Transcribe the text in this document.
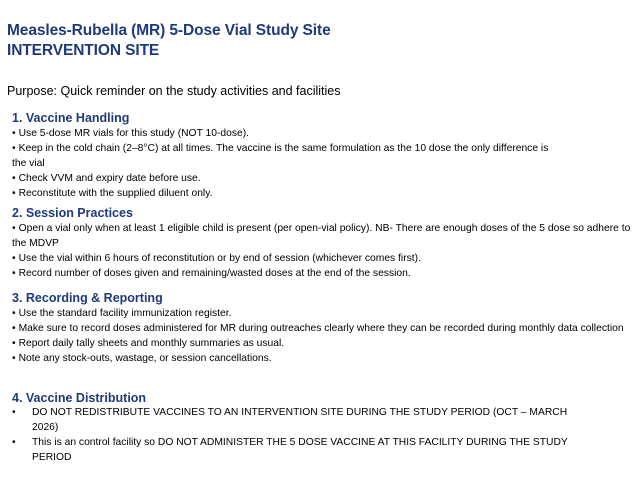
Measles-Rubella (MR) 5-Dose Vial Study Site
INTERVENTION SITE
Purpose: Quick reminder on the study activities and facilities
1. Vaccine Handling
• Use 5-dose MR vials for this study (NOT 10-dose).
• Keep in the cold chain (2–8°C) at all times. The vaccine is the same formulation as the 10 dose the only difference is the vial
• Check VVM and expiry date before use.
• Reconstitute with the supplied diluent only.
2. Session Practices
• Open a vial only when at least 1 eligible child is present (per open-vial policy). NB- There are enough doses of the 5 dose so adhere to the MDVP
• Use the vial within 6 hours of reconstitution or by end of session (whichever comes first).
• Record number of doses given and remaining/wasted doses at the end of the session.
3. Recording & Reporting
• Use the standard facility immunization register.
• Make sure to record doses administered for MR during outreaches clearly where they can be recorded during monthly data collection
• Report daily tally sheets and monthly summaries as usual.
• Note any stock-outs, wastage, or session cancellations.
4. Vaccine Distribution
• DO NOT REDISTRIBUTE VACCINES TO AN INTERVENTION SITE DURING THE STUDY PERIOD (OCT – MARCH 2026)
• This is an control facility so DO NOT ADMINISTER THE 5 DOSE VACCINE AT THIS FACILITY DURING THE STUDY PERIOD
